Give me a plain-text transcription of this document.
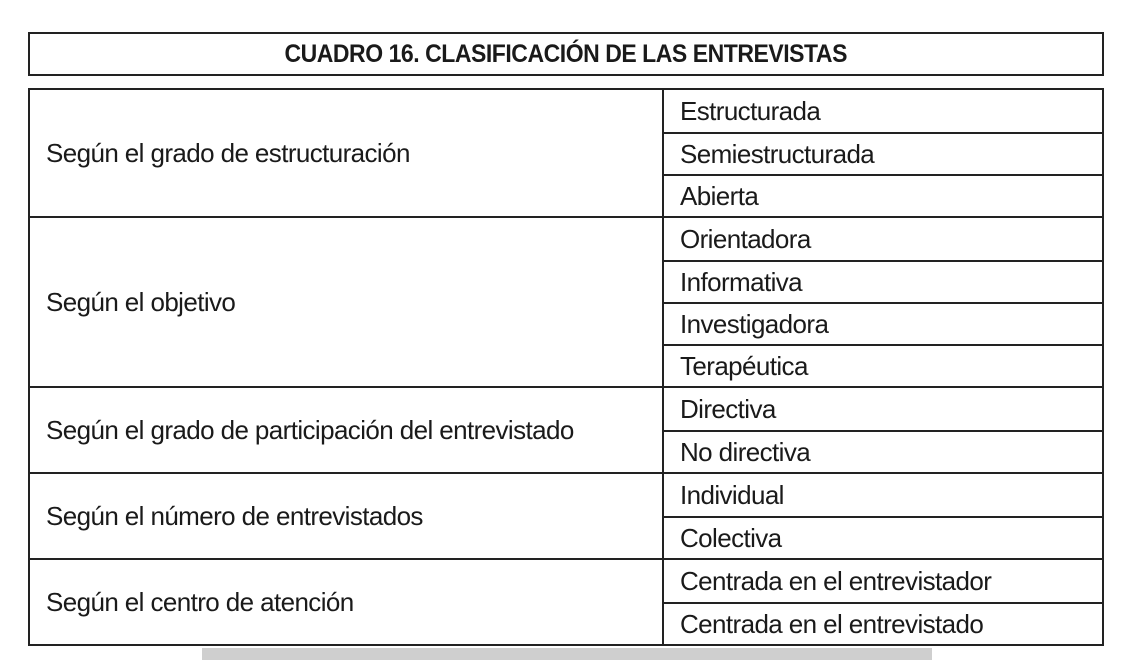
CUADRO 16. CLASIFICACIÓN DE LAS ENTREVISTAS
Según el grado de estructuración
Estructurada
Semiestructurada
Abierta
Según el objetivo
Orientadora
Informativa
Investigadora
Terapéutica
Según el grado de participación del entrevistado
Directiva
No directiva
Según el número de entrevistados
Individual
Colectiva
Según el centro de atención
Centrada en el entrevistador
Centrada en el entrevistado
